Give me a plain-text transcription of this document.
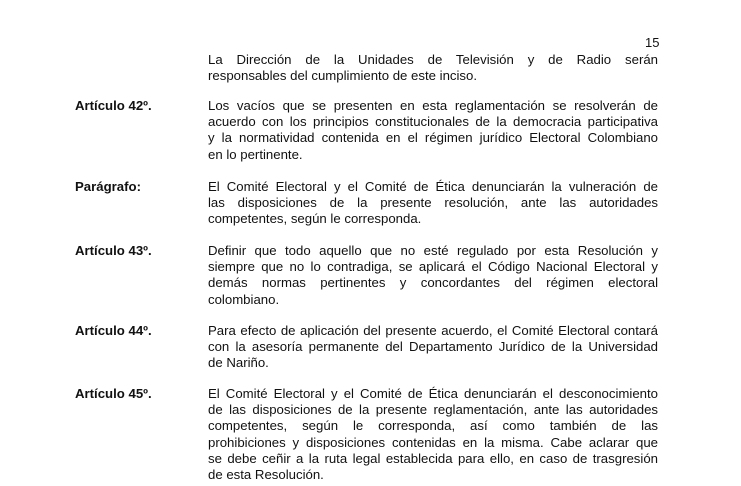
15
La Dirección de la Unidades de Televisión y de Radio serán
responsables del cumplimiento de este inciso.
Artículo 42º.	Los vacíos que se presenten en esta reglamentación se resolverán de
acuerdo con los principios constitucionales de la democracia participativa
y la normatividad contenida en el régimen jurídico Electoral Colombiano
en lo pertinente.
Parágrafo:	El Comité Electoral y el Comité de Ética denunciarán la vulneración de
las disposiciones de la presente resolución, ante las autoridades
competentes, según le corresponda.
Artículo 43º.	Definir que todo aquello que no esté regulado por esta Resolución y
siempre que no lo contradiga, se aplicará el Código Nacional Electoral y
demás normas pertinentes y concordantes del régimen electoral
colombiano.
Artículo 44º.	Para efecto de aplicación del presente acuerdo, el Comité Electoral contará
con la asesoría permanente del Departamento Jurídico de la Universidad
de Nariño.
Artículo 45º.	El Comité Electoral y el Comité de Ética denunciarán el desconocimiento
de las disposiciones de la presente reglamentación, ante las autoridades
competentes, según le corresponda, así como también de las
prohibiciones y disposiciones contenidas en la misma. Cabe aclarar que
se debe ceñir a la ruta legal establecida para ello, en caso de trasgresión
de esta Resolución.
